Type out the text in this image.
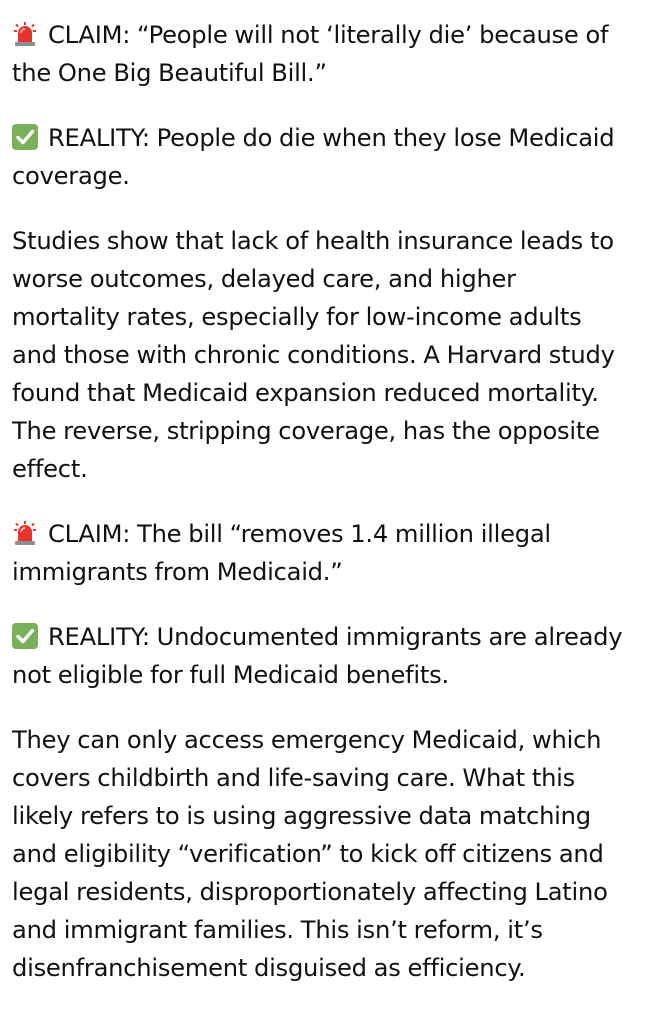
CLAIM: “People will not ‘literally die’ because of
the One Big Beautiful Bill.”

REALITY: People do die when they lose Medicaid
coverage.

Studies show that lack of health insurance leads to
worse outcomes, delayed care, and higher
mortality rates, especially for low-income adults
and those with chronic conditions. A Harvard study
found that Medicaid expansion reduced mortality.
The reverse, stripping coverage, has the opposite
effect.

CLAIM: The bill “removes 1.4 million illegal
immigrants from Medicaid.”

REALITY: Undocumented immigrants are already
not eligible for full Medicaid benefits.

They can only access emergency Medicaid, which
covers childbirth and life-saving care. What this
likely refers to is using aggressive data matching
and eligibility “verification” to kick off citizens and
legal residents, disproportionately affecting Latino
and immigrant families. This isn’t reform, it’s
disenfranchisement disguised as efficiency.
